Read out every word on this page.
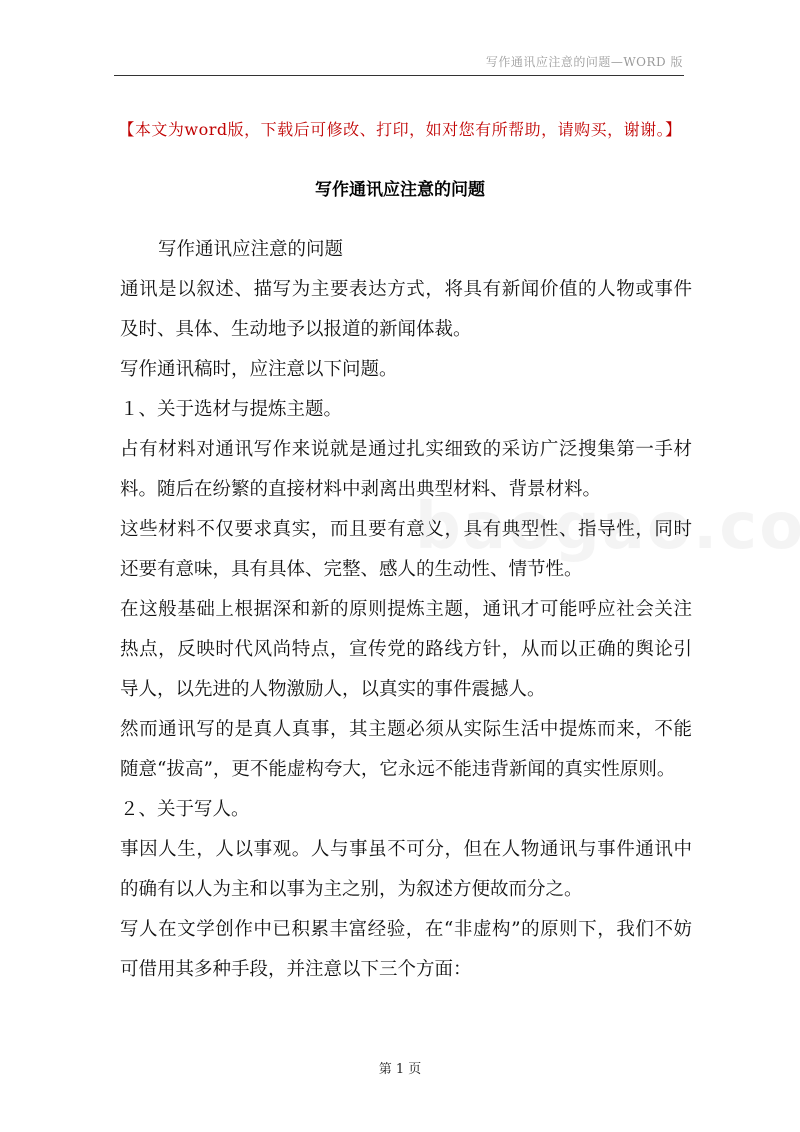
写作通讯应注意的问题—WORD 版
【本文为word版，下载后可修改、打印，如对您有所帮助，请购买，谢谢。】
写作通讯应注意的问题

写作通讯应注意的问题

通讯是以叙述、描写为主要表达方式，将具有新闻价值的人物或事件及时、具体、生动地予以报道的新闻体裁。

写作通讯稿时，应注意以下问题。

１、关于选材与提炼主题。

占有材料对通讯写作来说就是通过扎实细致的采访广泛搜集第一手材料。随后在纷繁的直接材料中剥离出典型材料、背景材料。

这些材料不仅要求真实，而且要有意义，具有典型性、指导性，同时还要有意味，具有具体、完整、感人的生动性、情节性。

在这般基础上根据深和新的原则提炼主题，通讯才可能呼应社会关注热点，反映时代风尚特点，宣传党的路线方针，从而以正确的舆论引导人，以先进的人物激励人，以真实的事件震撼人。

然而通讯写的是真人真事，其主题必须从实际生活中提炼而来，不能随意“拔高”，更不能虚构夸大，它永远不能违背新闻的真实性原则。

２、关于写人。

事因人生，人以事观。人与事虽不可分，但在人物通讯与事件通讯中的确有以人为主和以事为主之别，为叙述方便故而分之。

写人在文学创作中已积累丰富经验，在“非虚构”的原则下，我们不妨可借用其多种手段，并注意以下三个方面：

第 1 页
